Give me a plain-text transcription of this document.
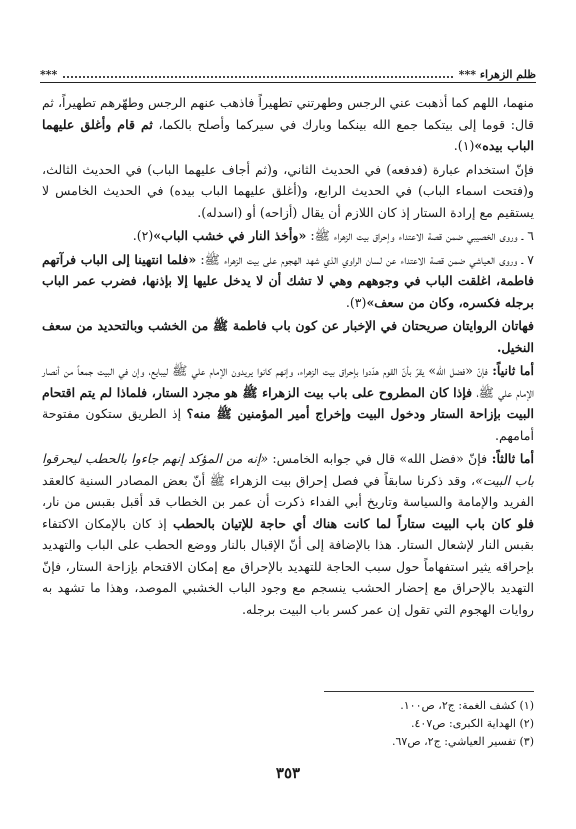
ظلم الزهراء ***
***

منهما، اللهم كما أذهبت عني الرجس وطهرتني تطهيراً فاذهب عنهم الرجس وطهّرهم تطهيراً، ثم قال: قوما إلى بيتكما جمع الله بينكما وبارك في سيركما وأصلح بالكما، ثم قام وأغلق عليهما الباب بيده»(١).

فإنّ استخدام عبارة (فدفعه) في الحديث الثاني، و(ثم أجاف عليهما الباب) في الحديث الثالث، و(فتحت اسماء الباب) في الحديث الرابع، و(أغلق عليهما الباب بيده) في الحديث الخامس لا يستقيم مع إرادة الستار إذ كان اللازم أن يقال (أزاحه) أو (اسدله).

٦ ـ وروى الخصيبي ضمن قصة الاعتداء وإحراق بيت الزهراء ﷺ: «وأخذ النار في خشب الباب»(٢).

٧ ـ وروى العياشي ضمن قصة الاعتداء عن لسان الراوي الذي شهد الهجوم على بيت الزهراء ﷺ: «فلما انتهينا إلى الباب فرآتهم فاطمة، اغلقت الباب في وجوههم وهي لا تشك أن لا يدخل عليها إلا بإذنها، فضرب عمر الباب برجله فكسره، وكان من سعف»(٣).

فهاتان الروايتان صريحتان في الإخبار عن كون باب فاطمة ﷺ من الخشب وبالتحديد من سعف النخيل.

أما ثانياً: فإنّ «فضل الله» يقرّ بأنّ القوم هدّدوا بإحراق بيت الزهراء، وإنهم كانوا يريدون الإمام علي ﷺ ليبايع، وإن في البيت جمعاً من أنصار الإمام علي ﷺ، فإذا كان المطروح على باب بيت الزهراء ﷺ هو مجرد الستار، فلماذا لم يتم اقتحام البيت بإزاحة الستار ودخول البيت وإخراج أمير المؤمنين ﷺ منه؟ إذ الطريق ستكون مفتوحة أمامهم.

أما ثالثاً: فإنّ «فضل الله» قال في جوابه الخامس: «إنه من المؤكد إنهم جاءوا بالحطب ليحرقوا باب البيت»، وقد ذكرنا سابقاً في فصل إحراق بيت الزهراء ﷺ أنّ بعض المصادر السنية كالعقد الفريد والإمامة والسياسة وتاريخ أبي الفداء ذكرت أن عمر بن الخطاب قد أقبل بقبس من نار، فلو كان باب البيت ستاراً لما كانت هناك أي حاجة للإتيان بالحطب إذ كان بالإمكان الاكتفاء بقبس النار لإشعال الستار. هذا بالإضافة إلى أنّ الإقبال بالنار ووضع الحطب على الباب والتهديد بإحراقه يثير استفهاماً حول سبب الحاجة للتهديد بالإحراق مع إمكان الاقتحام بإزاحة الستار، فإنّ التهديد بالإحراق مع إحضار الحشب ينسجم مع وجود الباب الخشبي الموصد، وهذا ما تشهد به روايات الهجوم التي تقول إن عمر كسر باب البيت برجله.

(١) كشف الغمة: ج٢، ص١٠٠.
(٢) الهداية الكبرى: ص٤٠٧.
(٣) تفسير العياشي: ج٢، ص٦٧.
٣٥٣
